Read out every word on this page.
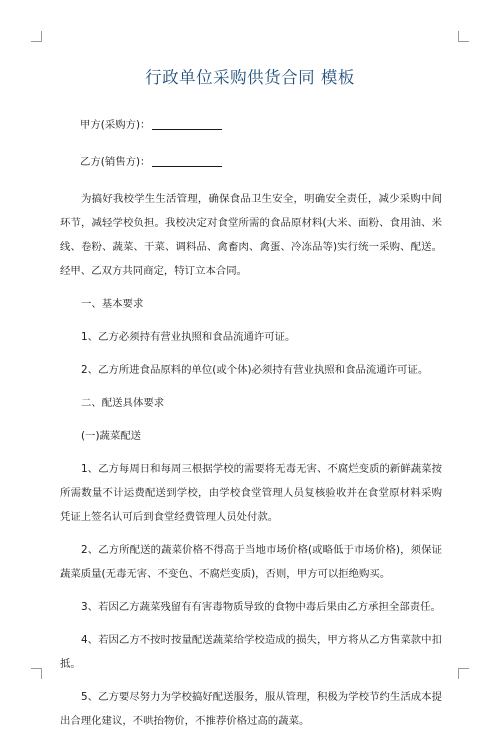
行政单位采购供货合同 模板
甲方(采购方)：
乙方(销售方)：

为搞好我校学生生活管理，确保食品卫生安全，明确安全责任，减少采购中间环节，减轻学校负担。我校决定对食堂所需的食品原材料(大米、面粉、食用油、米线、卷粉、蔬菜、干菜、调料品、禽畜肉、禽蛋、冷冻品等)实行统一采购、配送。经甲、乙双方共同商定，特订立本合同。

一、基本要求

1、乙方必须持有营业执照和食品流通许可证。

2、乙方所进食品原料的单位(或个体)必须持有营业执照和食品流通许可证。

二、配送具体要求

(一)蔬菜配送

1、乙方每周日和每周三根据学校的需要将无毒无害、不腐烂变质的新鲜蔬菜按所需数量不计运费配送到学校，由学校食堂管理人员复核验收并在食堂原材料采购凭证上签名认可后到食堂经费管理人员处付款。

2、乙方所配送的蔬菜价格不得高于当地市场价格(或略低于市场价格)，须保证蔬菜质量(无毒无害、不变色、不腐烂变质)，否则，甲方可以拒绝购买。

3、若因乙方蔬菜残留有有害毒物质导致的食物中毒后果由乙方承担全部责任。

4、若因乙方不按时按量配送蔬菜给学校造成的损失，甲方将从乙方售菜款中扣抵。

5、乙方要尽努力为学校搞好配送服务，服从管理，积极为学校节约生活成本提出合理化建议，不哄抬物价，不推荐价格过高的蔬菜。
